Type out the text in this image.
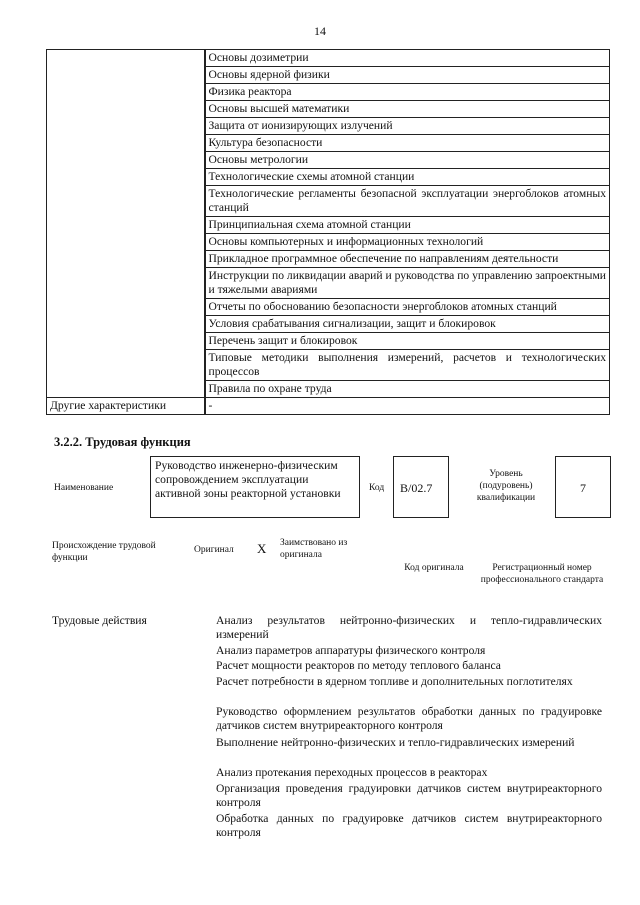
14
	Основы дозиметрии
	Основы ядерной физики
	Физика реактора
	Основы высшей математики
	Защита от ионизирующих излучений
	Культура безопасности
	Основы метрологии
	Технологические схемы атомной станции
	Технологические регламенты безопасной эксплуатации энергоблоков атомных станций
	Принципиальная схема атомной станции
	Основы компьютерных и информационных технологий
	Прикладное программное обеспечение по направлениям деятельности
	Инструкции по ликвидации аварий и руководства по управлению запроектными и тяжелыми авариями
	Отчеты по обоснованию безопасности энергоблоков атомных станций
	Условия срабатывания сигнализации, защит и блокировок
	Перечень защит и блокировок
	Типовые методики выполнения измерений, расчетов и технологических процессов
	Правила по охране труда
Другие характеристики	-
3.2.2. Трудовая функция
Наименование
Руководство инженерно-физическим сопровождением эксплуатации активной зоны реакторной установки	Код	B/02.7
Уровень (подуровень) квалификации
7
Происхождение трудовой функции
Оригинал X Заимствовано из оригинала
Код оригинала	Регистрационный номер профессионального стандарта
Трудовые действия	Анализ результатов нейтронно-физических и тепло-гидравлических измерений
Анализ параметров аппаратуры физического контроля
Расчет мощности реакторов по методу теплового баланса
Расчет потребности в ядерном топливе и дополнительных поглотителях
Руководство оформлением результатов обработки данных по градуировке датчиков систем внутриреакторного контроля
Выполнение нейтронно-физических и тепло-гидравлических измерений
Анализ протекания переходных процессов в реакторах
Организация проведения градуировки датчиков систем внутриреакторного контроля
Обработка данных по градуировке датчиков систем внутриреакторного контроля
